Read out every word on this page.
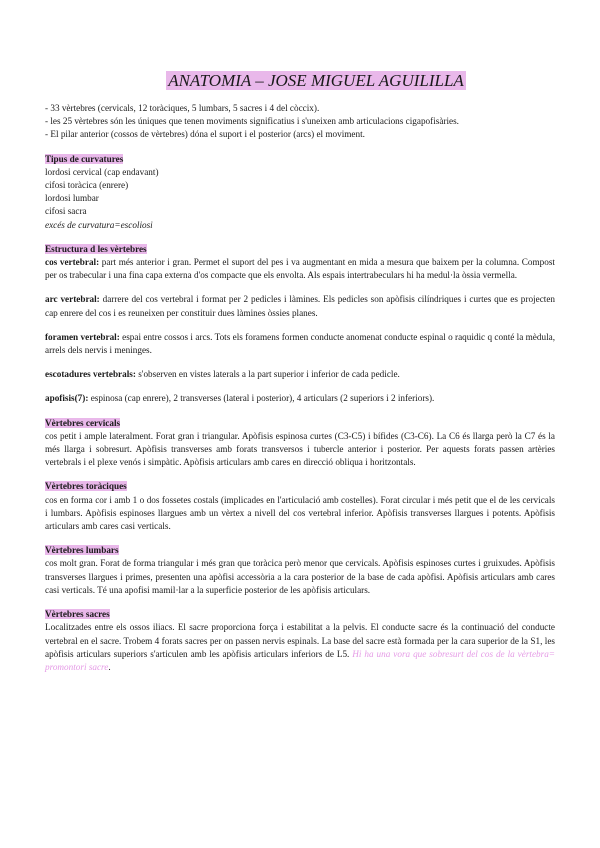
ANATOMIA – JOSE MIGUEL AGUILILLA

- 33 vèrtebres (cervicals, 12 toràciques, 5 lumbars, 5 sacres i 4 del còccix).

- les 25 vèrtebres són les úniques que tenen moviments significatius i s'uneixen amb articulacions cigapofisàries.

- El pilar anterior (cossos de vèrtebres) dóna el suport i el posterior (arcs) el moviment.

Tipus de curvatures

lordosi cervical (cap endavant)

cifosi toràcica (enrere)

lordosi lumbar

cifosi sacra

excés de curvatura=escoliosi

Estructura d les vèrtebres

cos vertebral: part més anterior i gran. Permet el suport del pes i va augmentant en mida a mesura que baixem per la columna. Compost per os trabecular i una fina capa externa d'os compacte que els envolta. Als espais intertrabeculars hi ha medul·la òssia vermella.

arc vertebral: darrere del cos vertebral i format per 2 pedicles i làmines. Els pedicles son apòfisis cilíndriques i curtes que es projecten cap enrere del cos i es reuneixen per constituir dues làmines òssies planes.

foramen vertebral: espai entre cossos i arcs. Tots els foramens formen conducte anomenat conducte espinal o raquidic q conté la mèdula, arrels dels nervis i meninges.

escotadures vertebrals: s'observen en vistes laterals a la part superior i inferior de cada pedicle.

apofisis(7): espinosa (cap enrere), 2 transverses (lateral i posterior), 4 articulars (2 superiors i 2 inferiors).

Vèrtebres cervicals

cos petit i ample lateralment. Forat gran i triangular. Apòfisis espinosa curtes (C3-C5) i bífides (C3-C6). La C6 és llarga però la C7 és la més llarga i sobresurt. Apòfisis transverses amb forats transversos i tubercle anterior i posterior. Per aquests forats passen artèries vertebrals i el plexe venós i simpàtic. Apòfisis articulars amb cares en direcció obliqua i horitzontals.

Vèrtebres toràciques

cos en forma cor i amb 1 o dos fossetes costals (implicades en l'articulació amb costelles). Forat circular i més petit que el de les cervicals i lumbars. Apòfisis espinoses llargues amb un vèrtex a nivell del cos vertebral inferior. Apòfisis transverses llargues i potents. Apòfisis articulars amb cares casi verticals.

Vèrtebres lumbars

cos molt gran. Forat de forma triangular i més gran que toràcica però menor que cervicals. Apòfisis espinoses curtes i gruixudes. Apòfisis transverses llargues i primes, presenten una apòfisi accessòria a la cara posterior de la base de cada apòfisi. Apòfisis articulars amb cares casi verticals. Té una apofisi mamil·lar a la superficie posterior de les apòfisis articulars.

Vèrtebres sacres

Localitzades entre els ossos iliacs. El sacre proporciona força i estabilitat a la pelvis. El conducte sacre és la continuació del conducte vertebral en el sacre. Trobem 4 forats sacres per on passen nervis espinals. La base del sacre està formada per la cara superior de la S1, les apòfisis articulars superiors s'articulen amb les apòfisis articulars inferiors de L5. Hi ha una vora que sobresurt del cos de la vèrtebra= promontori sacre.
